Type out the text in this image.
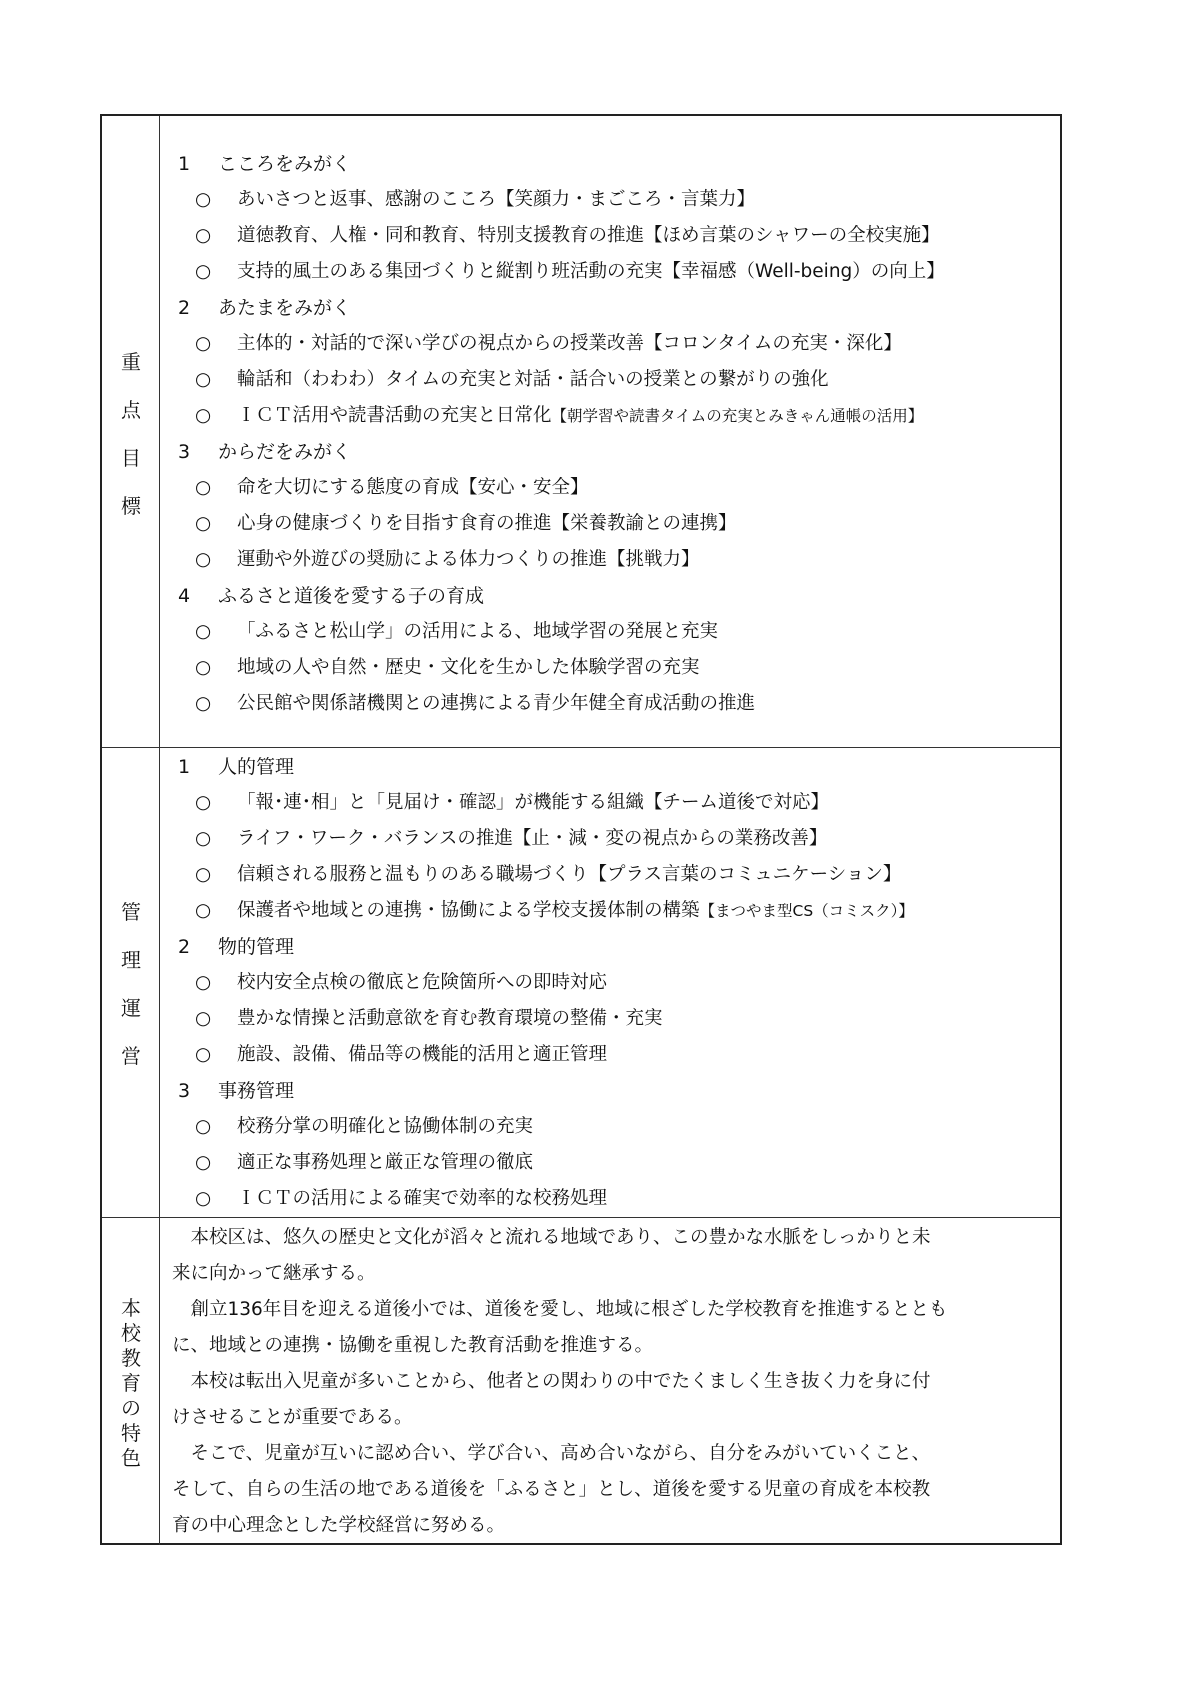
重
点
目
標
1 こころをみがく
○ あいさつと返事、感謝のこころ【笑顔力・まごころ・言葉力】
○ 道徳教育、人権・同和教育、特別支援教育の推進【ほめ言葉のシャワーの全校実施】
○ 支持的風土のある集団づくりと縦割り班活動の充実【幸福感（Well-being）の向上】
2 あたまをみがく
○ 主体的・対話的で深い学びの視点からの授業改善【コロンタイムの充実・深化】
○ 輪話和（わわわ）タイムの充実と対話・話合いの授業との繋がりの強化
○ ＩＣＴ活用や読書活動の充実と日常化【朝学習や読書タイムの充実とみきゃん通帳の活用】
3 からだをみがく
○ 命を大切にする態度の育成【安心・安全】
○ 心身の健康づくりを目指す食育の推進【栄養教諭との連携】
○ 運動や外遊びの奨励による体力つくりの推進【挑戦力】
4 ふるさと道後を愛する子の育成
○ 「ふるさと松山学」の活用による、地域学習の発展と充実
○ 地域の人や自然・歴史・文化を生かした体験学習の充実
○ 公民館や関係諸機関との連携による青少年健全育成活動の推進
管
理
運
営
1 人的管理
○ 「報･連･相」と「見届け・確認」が機能する組織【チーム道後で対応】
○ ライフ・ワーク・バランスの推進【止・減・変の視点からの業務改善】
○ 信頼される服務と温もりのある職場づくり【プラス言葉のコミュニケーション】
○ 保護者や地域との連携・協働による学校支援体制の構築【まつやま型CS（コミスク）】
2 物的管理
○ 校内安全点検の徹底と危険箇所への即時対応
○ 豊かな情操と活動意欲を育む教育環境の整備・充実
○ 施設、設備、備品等の機能的活用と適正管理
3 事務管理
○ 校務分掌の明確化と協働体制の充実
○ 適正な事務処理と厳正な管理の徹底
○ ＩＣＴの活用による確実で効率的な校務処理
本
校
教
育
の
特
色
　本校区は、悠久の歴史と文化が滔々と流れる地域であり、この豊かな水脈をしっかりと未
来に向かって継承する。
　創立136年目を迎える道後小では、道後を愛し、地域に根ざした学校教育を推進するととも
に、地域との連携・協働を重視した教育活動を推進する。
　本校は転出入児童が多いことから、他者との関わりの中でたくましく生き抜く力を身に付
けさせることが重要である。
　そこで、児童が互いに認め合い、学び合い、高め合いながら、自分をみがいていくこと、
そして、自らの生活の地である道後を「ふるさと」とし、道後を愛する児童の育成を本校教
育の中心理念とした学校経営に努める。
